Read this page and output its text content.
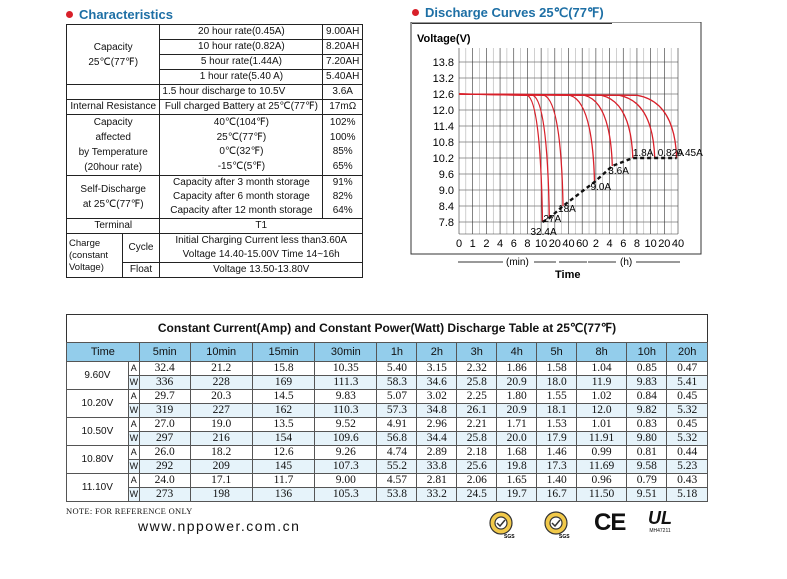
Characteristics
Capacity
25℃(77℉)		20 hour rate(0.45A)	9.00AH
		10 hour rate(0.82A)	8.20AH
		5 hour rate(1.44A)	7.20AH
		1 hour rate(5.40 A)	5.40AH
		1.5 hour discharge to 10.5V	3.6A
Internal Resistance		Full charged Battery at 25℃(77℉)	17mΩ
Capacity
affected
by Temperature
(20hour rate)		40℃(104℉)	102%
		25℃(77℉)	100%
		0℃(32℉)	85%
		-15℃(5℉)	65%
Self-Discharge
at 25℃(77℉)		Capacity after 3 month storage	91%
		Capacity after 6 month storage	82%
		Capacity after 12 month storage	64%
Terminal		T1	
Charge
(constant
Voltage)	Cycle	Initial Charging Current less than3.60A	
		Voltage 14.40-15.00V Time 14~16h	
	Float	Voltage 13.50-13.80V	
Discharge Curves 25℃(77℉)
Voltage(V)
13.8
13.2
12.6
12.0
11.4
10.8
10.2
9.6
9.0
8.4
7.8
32.4A
27A
18A
9.0A
3.6A
1.8A 0.82A
0.45A
0 1 2 4 6 8 10 20 40 60 2 4 6 8 10 20 40
(min)	(h)
Time
Constant Current(Amp) and Constant Power(Watt) Discharge Table at 25℃(77℉)
Time		5min	10min	15min	30min	1h	2h	3h	4h	5h	8h	10h	20h
9.60V	A	32.4	21.2	15.8	10.35	5.40	3.15	2.32	1.86	1.58	1.04	0.85	0.47
	W	336	228	169	111.3	58.3	34.6	25.8	20.9	18.0	11.9	9.83	5.41
10.20V	A	29.7	20.3	14.5	9.83	5.07	3.02	2.25	1.80	1.55	1.02	0.84	0.45
	W	319	227	162	110.3	57.3	34.8	26.1	20.9	18.1	12.0	9.82	5.32
10.50V	A	27.0	19.0	13.5	9.52	4.91	2.96	2.21	1.71	1.53	1.01	0.83	0.45
	W	297	216	154	109.6	56.8	34.4	25.8	20.0	17.9	11.91	9.80	5.32
10.80V	A	26.0	18.2	12.6	9.26	4.74	2.89	2.18	1.68	1.46	0.99	0.81	0.44
	W	292	209	145	107.3	55.2	33.8	25.6	19.8	17.3	11.69	9.58	5.23
11.10V	A	24.0	17.1	11.7	9.00	4.57	2.81	2.06	1.65	1.40	0.96	0.79	0.43
	W	273	198	136	105.3	53.8	33.2	24.5	19.7	16.7	11.50	9.51	5.18
NOTE: FOR REFERENCE ONLY
www.nppower.com.cn
SGS	SGS
CE UL
MH47211
